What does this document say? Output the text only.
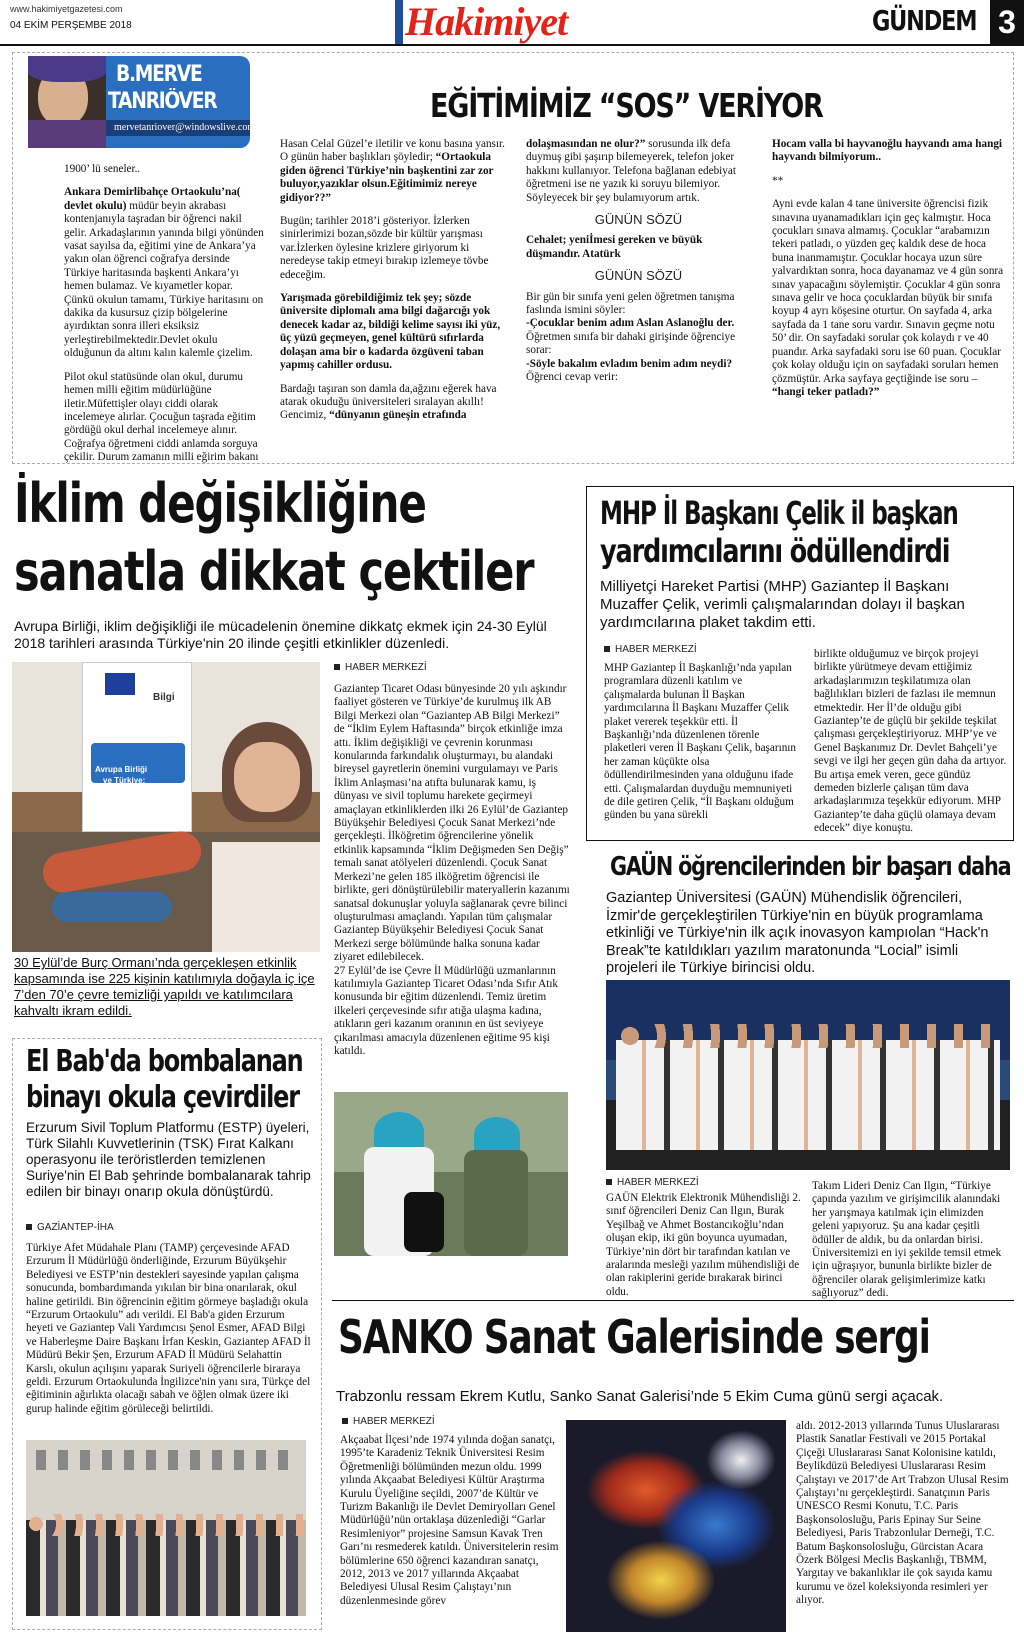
www.hakimiyetgazetesi.com
04 EKİM PERŞEMBE 2018	Hakimiyet	GÜNDEM 3
B.MERVE
TANRIÖVER
mervetanriover@windowslive.com
EĞİTİMİMİZ “SOS” VERİYOR
1900’ lü seneler..
Ankara Demirlibahçe Ortaokulu’na( devlet okulu) müdür beyin akrabası kontenjanıyla taşradan bir öğrenci nakil gelir. Arkadaşlarının yanında bilgi yönünden vasat sayılsa da, eğitimi yine de Ankara’ya yakın olan öğrenci coğrafya dersinde Türkiye haritasında başkenti Ankara’yı hemen bulamaz. Ve kıyametler kopar. Çünkü okulun tamamı, Türkiye haritasını on dakika da kusursuz çizip bölgelerine ayırdıktan sonra illeri eksiksiz yerleştirebilmektedir.Devlet okulu olduğunun da altını kalın kalemle çizelim.
Pilot okul statüsünde olan okul, durumu hemen milli eğitim müdürlüğüne iletir.Müfettişler olayı ciddi olarak incelemeye alırlar. Çocuğun taşrada eğitim gördüğü okul derhal incelemeye alınır. Coğrafya öğretmeni ciddi anlamda sorguya çekilir. Durum zamanın milli eğirim bakanı
Hasan Celal Güzel’e iletilir ve konu basına yansır. O günün haber başlıkları şöyledir; “Ortaokula giden öğrenci Türkiye’nin başkentini zar zor buluyor,yazıklar olsun.Eğitimimiz nereye gidiyor??”
Bugün; tarihler 2018’i gösteriyor. İzlerken sinirlerimizi bozan,sözde bir kültür yarışması var.İzlerken öylesine krizlere giriyorum ki neredeyse takip etmeyi bırakıp izlemeye tövbe edeceğim.
Yarışmada görebildiğimiz tek şey; sözde üniversite diplomalı ama bilgi dağarcığı yok denecek kadar az, bildiği kelime sayısı iki yüz, üç yüzü geçmeyen, genel kültürü sıfırlarda dolaşan ama bir o kadarda özgüveni taban yapmış cahiller ordusu.
Bardağı taşıran son damla da,ağzını eğerek hava atarak okuduğu üniversiteleri sıralayan akıllı! Gencimiz, “dünyanın güneşin etrafında
dolaşmasından ne olur?” sorusunda ilk defa duymuş gibi şaşırıp bilemeyerek, telefon joker hakkını kullanıyor. Telefona bağlanan edebiyat öğretmeni ise ne yazık ki soruyu bilemiyor. Söyleyecek bir şey bulamıyorum artık.
GÜNÜN SÖZÜ
Cehalet; yeniİmesi gereken ve büyük düşmandır. Atatürk
GÜNÜN SÖZÜ
Bir gün bir sınıfa yeni gelen öğretmen tanışma faslında ismini söyler:
-Çocuklar benim adım Aslan Aslanoğlu der.
Öğretmen sınıfa bir dahaki girişinde öğrenciye sorar:
-Söyle bakalım evladım benim adım neydi?
Öğrenci cevap verir:
Hocam valla bi hayvanoğlu hayvandı ama hangi hayvandı bilmiyorum..
**
Ayni evde kalan 4 tane üniversite öğrencisi fizik sınavına uyanamadıkları için geç kalmıştır. Hoca çocukları sınava almamış. Çocuklar “arabamızın tekeri patladı, o yüzden geç kaldık dese de hoca buna inanmamıştır. Çocuklar hocaya uzun süre yalvardıktan sonra, hoca dayanamaz ve 4 gün sonra sınav yapacağını söylemiştir. Çocuklar 4 gün sonra sınava gelir ve hoca çocuklardan büyük bir sınıfa koyup 4 ayrı köşesine oturtur. On sayfada 4, arka sayfada da 1 tane soru vardır. Sınavın geçme notu 50’ dir. On sayfadaki sorular çok kolaydı r ve 40 puandır. Arka sayfadaki soru ise 60 puan. Çocuklar çok kolay olduğu için on sayfadaki soruları hemen çözmüştür. Arka sayfaya geçtiğinde ise soru – “hangi teker patladı?”
İklim değişikliğine
sanatla dikkat çektiler
Avrupa Birliği, iklim değişikliği ile mücadelenin önemine dikkatç ekmek için 24-30 Eylül 2018 tarihleri arasında Türkiye'nin 20 ilinde çeşitli etkinlikler düzenledi.
Avrupa Birliği
ve Türkiye:
Birlikte Çalışıyoruz
Bilgi
30 Eylül’de Burç Ormanı’nda gerçekleşen etkinlik kapsamında ise 225 kişinin katılımıyla doğayla iç içe 7’den 70’e çevre temizliği yapıldı ve katılımcılara kahvaltı ikram edildi.
HABER MERKEZİ
Gaziantep Ticaret Odası bünyesinde 20 yılı aşkındır faaliyet gösteren ve Türkiye’de kurulmuş ilk AB Bilgi Merkezi olan “Gaziantep AB Bilgi Merkezi” de “İklim Eylem Haftasında” birçok etkinliğe imza attı. İklim değişikliği ve çevrenin korunması konularında farkındalık oluşturmayı, bu alandaki bireysel gayretlerin önemini vurgulamayı ve Paris İklim Anlaşması’na atıfta bulunarak kamu, iş dünyası ve sivil toplumu harekete geçirmeyi amaçlayan etkinliklerden ilki 26 Eylül’de Gaziantep Büyükşehir Belediyesi Çocuk Sanat Merkezi’nde gerçekleşti. İlköğretim öğrencilerine yönelik etkinlik kapsamında “İklim Değişmeden Sen Değiş” temalı sanat atölyeleri düzenlendi. Çocuk Sanat Merkezi’ne gelen 185 ilköğretim öğrencisi ile birlikte, geri dönüştürülebilir materyallerin kazanımı sanatsal dokunuşlar yoluyla sağlanarak çevre bilinci oluşturulması amaçlandı. Yapılan tüm çalışmalar Gaziantep Büyükşehir Belediyesi Çocuk Sanat Merkezi serge bölümünde halka sonuna kadar ziyaret edilebilecek.
27 Eylül’de ise Çevre İl Müdürlüğü uzmanlarının katılımıyla Gaziantep Ticaret Odası’nda Sıfır Atık konusunda bir eğitim düzenlendi. Temiz üretim ilkeleri çerçevesinde sıfır atığa ulaşma kadına, atıkların geri kazanım oranının en üst seviyeye çıkarılması amacıyla düzenlenen eğitime 95 kişi katıldı.
El Bab'da bombalanan
binayı okula çevirdiler
Erzurum Sivil Toplum Platformu (ESTP) üyeleri, Türk Silahlı Kuvvetlerinin (TSK) Fırat Kalkanı operasyonu ile teröristlerden temizlenen Suriye'nin El Bab şehrinde bombalanarak tahrip edilen bir binayı onarıp okula dönüştürdü.
GAZİANTEP-İHA
Türkiye Afet Müdahale Planı (TAMP) çerçevesinde AFAD Erzurum İl Müdürlüğü önderliğinde, Erzurum Büyükşehir Belediyesi ve ESTP’nin destekleri sayesinde yapılan çalışma sonucunda, bombardımanda yıkılan bir bina onarılarak, okul haline getirildi. Bin öğrencinin eğitim görmeye başladığı okula “Erzurum Ortaokulu” adı verildi. El Bab'a giden Erzurum heyeti ve Gaziantep Vali Yardımcısı Şenol Esmer, AFAD Bilgi ve Haberleşme Daire Başkanı İrfan Keskin, Gaziantep AFAD İl Müdürü Bekir Şen, Erzurum AFAD İl Müdürü Selahattin Karslı, okulun açılışını yaparak Suriyeli öğrencilerle biraraya geldi. Erzurum Ortaokulunda İngilizce'nin yanı sıra, Türkçe del eğitiminin ağırlıkta olacağı sabah ve öğlen olmak üzere iki gurup halinde eğitim görüleceği belirtildi.
MHP İl Başkanı Çelik il başkan
yardımcılarını ödüllendirdi
Milliyetçi Hareket Partisi (MHP) Gaziantep İl Başkanı Muzaffer Çelik, verimli çalışmalarından dolayı il başkan yardımcılarına plaket takdim etti.
HABER MERKEZİ
MHP Gaziantep İl Başkanlığı’nda yapılan programlara düzenli katılım ve çalışmalarda bulunan İl Başkan yardımcılarına İl Başkanı Muzaffer Çelik plaket vererek teşekkür etti. İl Başkanlığı’nda düzenlenen törenle plaketleri veren İl Başkanı Çelik, başarının her zaman küçükte olsa ödüllendirilmesinden yana olduğunu ifade etti. Çalışmalardan duyduğu memnuniyeti de dile getiren Çelik, “İl Başkanı olduğum günden bu yana sürekli
birlikte olduğumuz ve birçok projeyi birlikte yürütmeye devam ettiğimiz arkadaşlarımızın teşkilatımıza olan bağlılıkları bizleri de fazlası ile memnun etmektedir. Her İl’de olduğu gibi Gaziantep’te de güçlü bir şekilde teşkilat çalışması gerçekleştiriyoruz. MHP’ye ve Genel Başkanımız Dr. Devlet Bahçeli’ye sevgi ve ilgi her geçen gün daha da artıyor. Bu artışa emek veren, gece gündüz demeden bizlerle çalışan tüm dava arkadaşlarımıza teşekkür ediyorum. MHP Gaziantep’te daha güçlü olamaya devam edecek” diye konuştu.
GAÜN öğrencilerinden bir başarı daha
Gaziantep Üniversitesi (GAÜN) Mühendislik öğrencileri, İzmir'de gerçekleştirilen Türkiye'nin en büyük programlama etkinliği ve Türkiye'nin ilk açık inovasyon kampıolan “Hack'n Break”te katıldıkları yazılım maratonunda “Locial” isimli projeleri ile Türkiye birincisi oldu.
HABER MERKEZİ
GAÜN Elektrik Elektronik Mühendisliği 2. sınıf öğrencileri Deniz Can Ilgın, Burak Yeşilbağ ve Ahmet Bostancıkoğlu’ndan oluşan ekip, iki gün boyunca uyumadan, Türkiye’nin dört bir tarafından katılan ve aralarında mesleği yazılım mühendisliği de olan rakiplerini geride bırakarak birinci oldu.
Takım Lideri Deniz Can Ilgın, “Türkiye çapında yazılım ve girişimcilik alanındaki her yarışmaya katılmak için elimizden geleni yapıyoruz. Şu ana kadar çeşitli ödüller de aldık, bu da onlardan birisi. Üniversitemizi en iyi şekilde temsil etmek için uğraşıyor, bununla birlikte bizler de öğrenciler olarak gelişimlerimize katkı sağlıyoruz” dedi.
SANKO Sanat Galerisinde sergi
Trabzonlu ressam Ekrem Kutlu, Sanko Sanat Galerisi’nde 5 Ekim Cuma günü sergi açacak.
HABER MERKEZİ
Akçaabat İlçesi’nde 1974 yılında doğan sanatçı, 1995’te Karadeniz Teknik Üniversitesi Resim Öğretmenliği bölümünden mezun oldu. 1999 yılında Akçaabat Belediyesi Kültür Araştırma Kurulu Üyeliğine seçildi, 2007’de Kültür ve Turizm Bakanlığı ile Devlet Demiryolları Genel Müdürlüğü’nün ortaklaşa düzenlediği “Garlar Resimleniyor” projesine Samsun Kavak Tren Garı’nı resmederek katıldı. Üniversitelerin resim bölümlerine 650 öğrenci kazandıran sanatçı, 2012, 2013 ve 2017 yıllarında Akçaabat Belediyesi Ulusal Resim Çalıştayı’nın düzenlenmesinde görev
aldı. 2012-2013 yıllarında Tunus Uluslararası Plastik Sanatlar Festivali ve 2015 Portakal Çiçeği Uluslararası Sanat Kolonisine katıldı, Beylikdüzü Belediyesi Uluslararası Resim Çalıştayı ve 2017’de Art Trabzon Ulusal Resim Çalıştayı’nı gerçekleştirdi. Sanatçının Paris UNESCO Resmi Konutu, T.C. Paris Başkonsolosluğu, Paris Epinay Sur Seine Belediyesi, Paris Trabzonlular Derneği, T.C. Batum Başkonsolosluğu, Gürcistan Acara Özerk Bölgesi Meclis Başkanlığı, TBMM, Yargıtay ve bakanlıklar ile çok sayıda kamu kurumu ve özel koleksiyonda resimleri yer alıyor.
